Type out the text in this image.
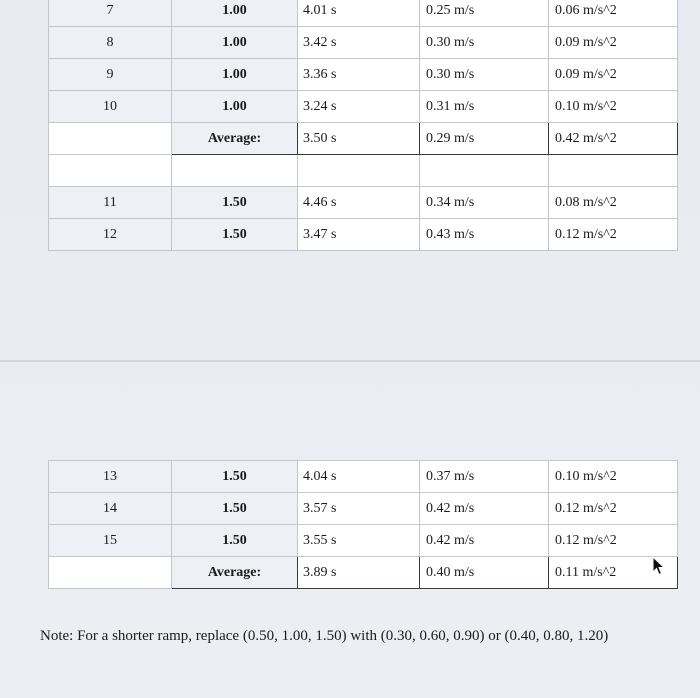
7	1.00	4.01 s	0.25 m/s	0.06 m/s^2
8	1.00	3.42 s	0.30 m/s	0.09 m/s^2
9	1.00	3.36 s	0.30 m/s	0.09 m/s^2
10	1.00	3.24 s	0.31 m/s	0.10 m/s^2
	Average:	3.50 s	0.29 m/s	0.42 m/s^2

11	1.50	4.46 s	0.34 m/s	0.08 m/s^2
12	1.50	3.47 s	0.43 m/s	0.12 m/s^2
13	1.50	4.04 s	0.37 m/s	0.10 m/s^2
14	1.50	3.57 s	0.42 m/s	0.12 m/s^2
15	1.50	3.55 s	0.42 m/s	0.12 m/s^2
	Average:	3.89 s	0.40 m/s	0.11 m/s^2
Note: For a shorter ramp, replace (0.50, 1.00, 1.50) with (0.30, 0.60, 0.90) or (0.40, 0.80, 1.20)
